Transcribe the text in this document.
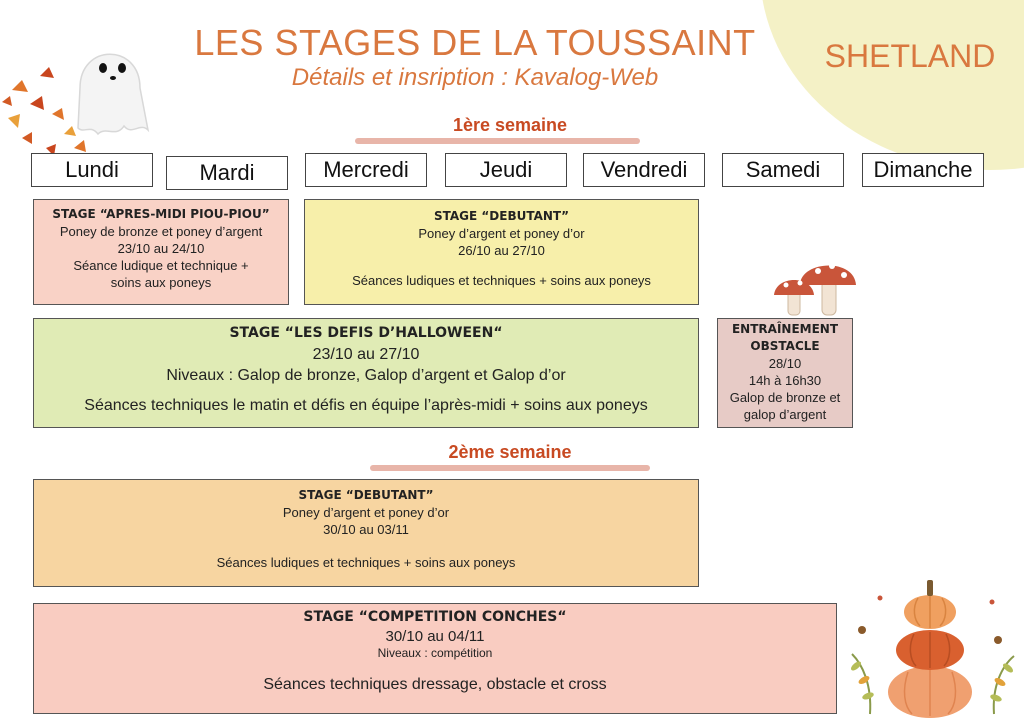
LES STAGES DE LA TOUSSAINT
Détails et insription : Kavalog-Web
SHETLAND
1ère semaine
Lundi	Mardi	Mercredi	Jeudi	Vendredi	Samedi	Dimanche
STAGE “APRES-MIDI PIOU-PIOU”
Poney de bronze et poney d’argent
23/10 au 24/10
Séance ludique et technique +
soins aux poneys
STAGE “DEBUTANT”
Poney d’argent et poney d’or
26/10 au 27/10
Séances ludiques et techniques + soins aux poneys
STAGE “LES DEFIS D’HALLOWEEN“
23/10 au 27/10
Niveaux : Galop de bronze, Galop d’argent et Galop d’or
Séances techniques le matin et défis en équipe l’après-midi + soins aux poneys
ENTRAÎNEMENT
OBSTACLE
28/10
14h à 16h30
Galop de bronze et
galop d’argent
2ème semaine
STAGE “DEBUTANT”
Poney d’argent et poney d’or
30/10 au 03/11
Séances ludiques et techniques + soins aux poneys
STAGE “COMPETITION CONCHES“
30/10 au 04/11
Niveaux : compétition
Séances techniques dressage, obstacle et cross
